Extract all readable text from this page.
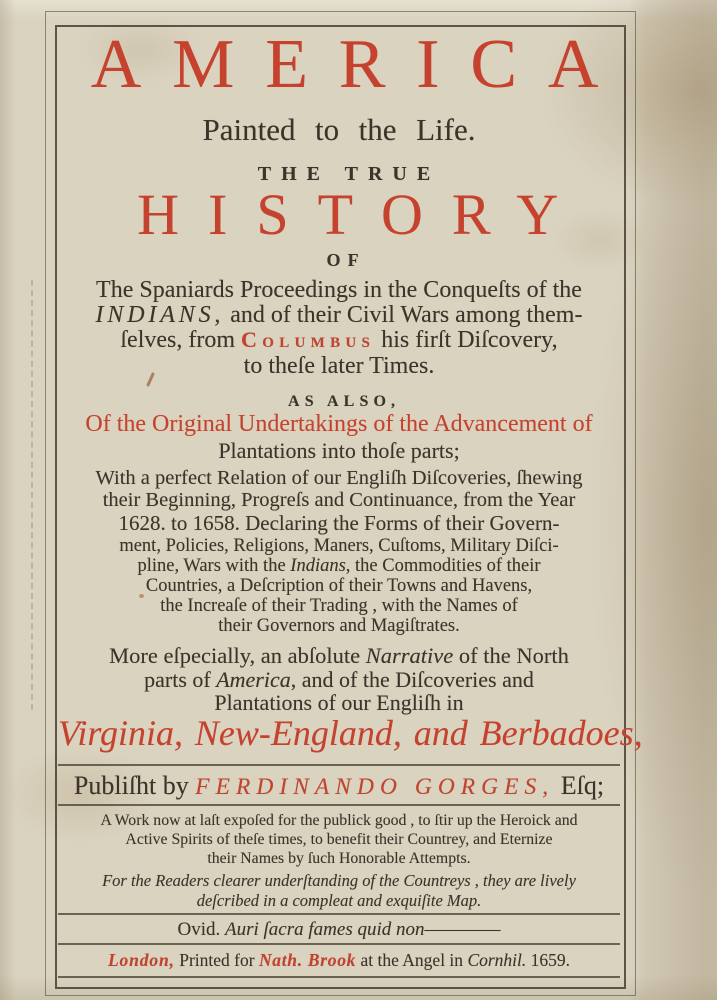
AMERICA
Painted to the Life.
THE TRUE
HISTORY
OF
The Spaniards Proceedings in the Conqueſts of the
INDIANS, and of their Civil Wars among them-
ſelves, from Columbus his firſt Diſcovery,
to theſe later Times.
AS ALSO,
Of the Original Undertakings of the Advancement of
Plantations into thoſe parts;
With a perfect Relation of our Engliſh Diſcoveries, ſhewing
their Beginning, Progreſs and Continuance, from the Year
1628. to 1658. Declaring the Forms of their Govern-
ment, Policies, Religions, Maners, Cuſtoms, Military Diſci-
pline, Wars with the Indians, the Commodities of their
Countries, a Deſcription of their Towns and Havens,
the Increaſe of their Trading , with the Names of
their Governors and Magiſtrates.
More eſpecially, an abſolute Narrative of the North
parts of America, and of the Diſcoveries and
Plantations of our Engliſh in
Virginia, New-England, and Berbadoes,
Publiſht by FERDINANDO GORGES, Eſq;
A Work now at laſt expoſed for the publick good , to ſtir up the Heroick and
Active Spirits of theſe times, to benefit their Countrey, and Eternize
their Names by ſuch Honorable Attempts.
For the Readers clearer underſtanding of the Countreys , they are lively
deſcribed in a compleat and exquiſite Map.
Ovid. Auri ſacra fames quid non————
London, Printed for Nath. Brook at the Angel in Cornhil. 1659.
